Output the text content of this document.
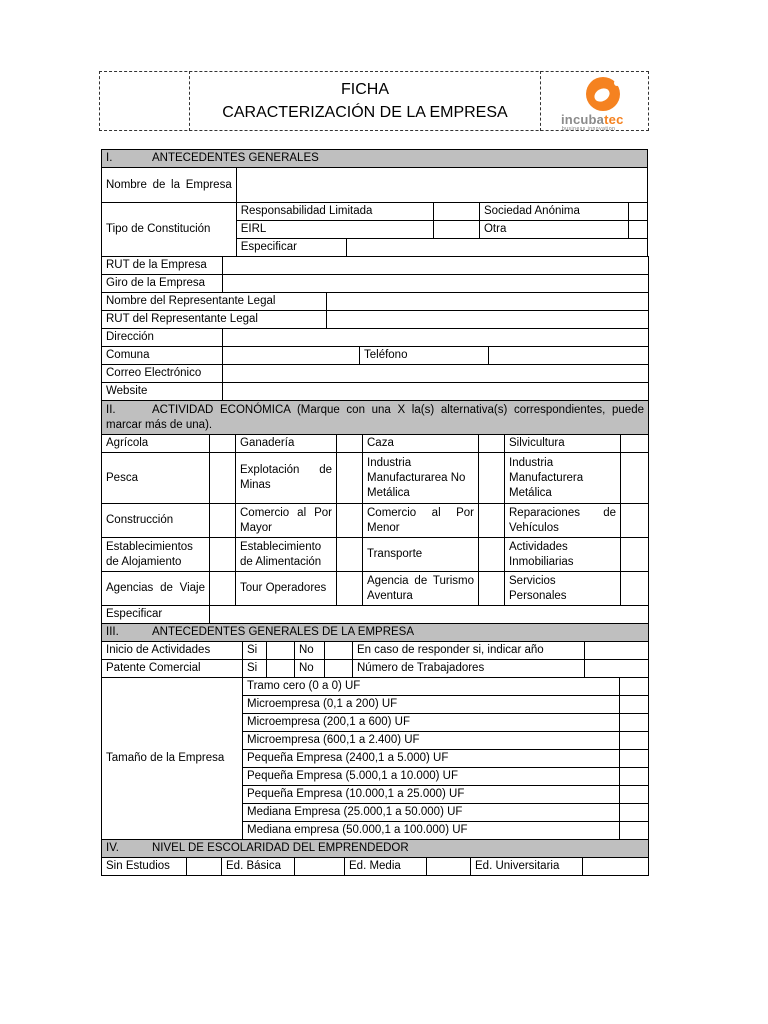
FICHA
CARACTERIZACIÓN DE LA EMPRESA	incubatec
business innovation
I. ANTECEDENTES GENERALES					
Nombre de la Empresa					
Tipo de Constitución	Responsabilidad Limitada			Sociedad Anónima	
	EIRL			Otra	
	Especificar				
RUT de la Empresa	
Giro de la Empresa	
Nombre del Representante Legal	
RUT del Representante Legal	
Dirección			
Comuna		Teléfono	
Correo Electrónico			
Website			
II. ACTIVIDAD ECONÓMICA (Marque con una X la(s) alternativa(s) correspondientes, puede marcar más de una).							
Agrícola		Ganadería		Caza		Silvicultura	
Pesca		Explotación de Minas		Industria Manufacturarea No Metálica		Industria Manufacturera Metálica	
Construcción		Comercio al Por Mayor		Comercio al Por Menor		Reparaciones de Vehículos	
Establecimientos de Alojamiento		Establecimiento de Alimentación		Transporte		Actividades Inmobiliarias	
Agencias de Viaje		Tour Operadores		Agencia de Turismo Aventura		Servicios Personales	
Especificar							
III. ANTECEDENTES GENERALES DE LA EMPRESA						
Inicio de Actividades	Si		No		En caso de responder si, indicar año	
Patente Comercial	Si		No		Número de Trabajadores	
Tamaño de la Empresa	Tramo cero (0 a 0) UF	
	Microempresa (0,1 a 200) UF	
	Microempresa (200,1 a 600) UF	
	Microempresa (600,1 a 2.400) UF	
	Pequeña Empresa (2400,1 a 5.000) UF	
	Pequeña Empresa (5.000,1 a 10.000) UF	
	Pequeña Empresa (10.000,1 a 25.000) UF	
	Mediana Empresa (25.000,1 a 50.000) UF	
	Mediana empresa (50.000,1 a 100.000) UF	
IV.	NIVEL DE ESCOLARIDAD DEL EMPRENDEDOR
Sin Estudios		Ed. Básica		Ed. Media		Ed. Universitaria	
